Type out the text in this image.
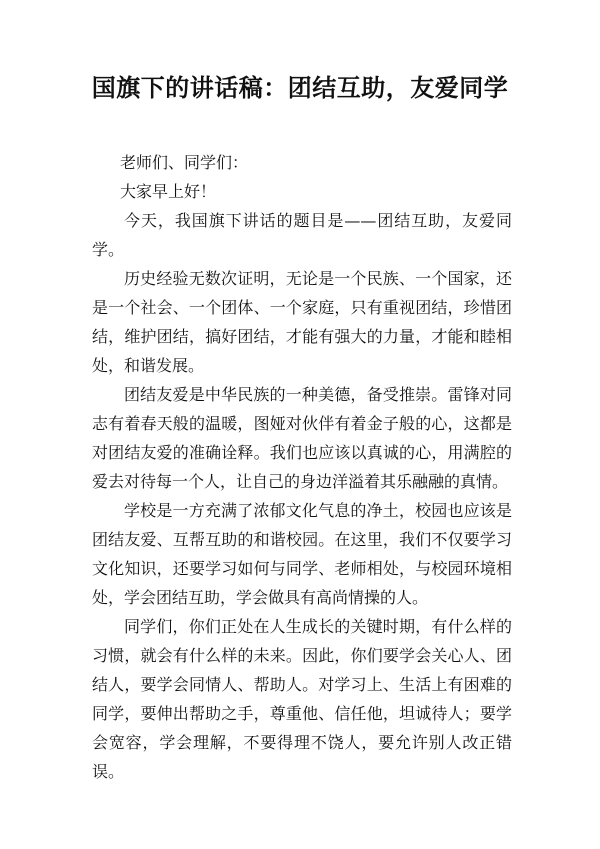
国旗下的讲话稿：团结互助，友爱同学

老师们、同学们：

大家早上好！

今天，我国旗下讲话的题目是——团结互助，友爱同学。

历史经验无数次证明，无论是一个民族、一个国家，还是一个社会、一个团体、一个家庭，只有重视团结，珍惜团结，维护团结，搞好团结，才能有强大的力量，才能和睦相处，和谐发展。

团结友爱是中华民族的一种美德，备受推崇。雷锋对同志有着春天般的温暖，图娅对伙伴有着金子般的心，这都是对团结友爱的准确诠释。我们也应该以真诚的心，用满腔的爱去对待每一个人，让自己的身边洋溢着其乐融融的真情。

学校是一方充满了浓郁文化气息的净土，校园也应该是团结友爱、互帮互助的和谐校园。在这里，我们不仅要学习文化知识，还要学习如何与同学、老师相处，与校园环境相处，学会团结互助，学会做具有高尚情操的人。

同学们，你们正处在人生成长的关键时期，有什么样的习惯，就会有什么样的未来。因此，你们要学会关心人、团结人，要学会同情人、帮助人。对学习上、生活上有困难的同学，要伸出帮助之手，尊重他、信任他，坦诚待人；要学会宽容，学会理解，不要得理不饶人，要允许别人改正错误。
